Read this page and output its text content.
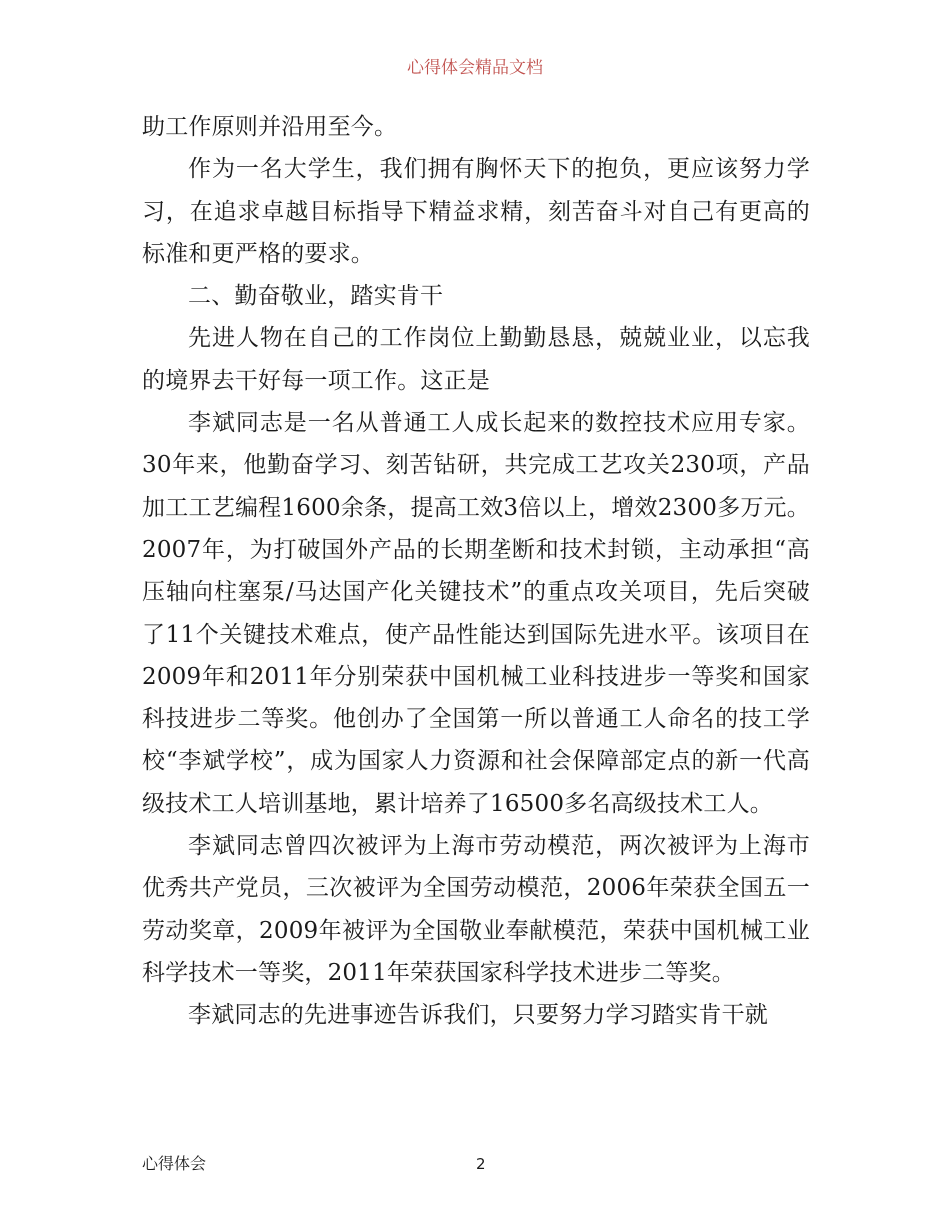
心得体会精品文档

助工作原则并沿用至今。

作为一名大学生，我们拥有胸怀天下的抱负，更应该努力学习，在追求卓越目标指导下精益求精，刻苦奋斗对自己有更高的标准和更严格的要求。

二、勤奋敬业，踏实肯干

先进人物在自己的工作岗位上勤勤恳恳，兢兢业业，以忘我的境界去干好每一项工作。这正是

李斌同志是一名从普通工人成长起来的数控技术应用专家。30年来，他勤奋学习、刻苦钻研，共完成工艺攻关230项，产品加工工艺编程1600余条，提高工效3倍以上，增效2300多万元。2007年，为打破国外产品的长期垄断和技术封锁，主动承担“高压轴向柱塞泵/马达国产化关键技术”的重点攻关项目，先后突破了11个关键技术难点，使产品性能达到国际先进水平。该项目在2009年和2011年分别荣获中国机械工业科技进步一等奖和国家科技进步二等奖。他创办了全国第一所以普通工人命名的技工学校“李斌学校”，成为国家人力资源和社会保障部定点的新一代高级技术工人培训基地，累计培养了16500多名高级技术工人。

李斌同志曾四次被评为上海市劳动模范，两次被评为上海市优秀共产党员，三次被评为全国劳动模范，2006年荣获全国五一劳动奖章，2009年被评为全国敬业奉献模范，荣获中国机械工业科学技术一等奖，2011年荣获国家科学技术进步二等奖。

李斌同志的先进事迹告诉我们，只要努力学习踏实肯干就

心得体会	2
